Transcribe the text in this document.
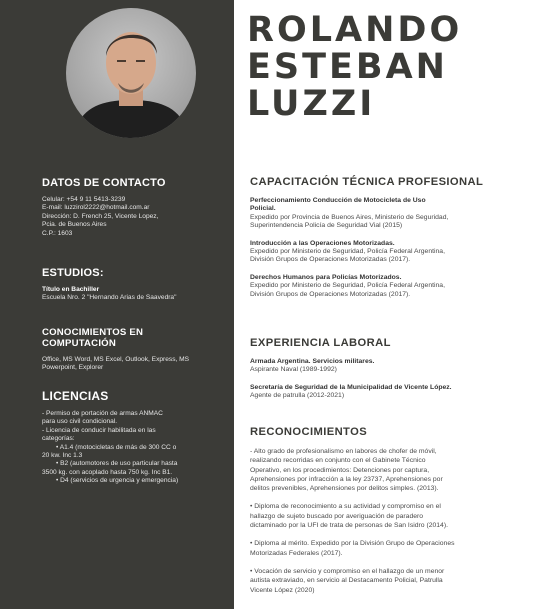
DATOS DE CONTACTO
Celular: +54 9 11 5413-3239
E-mail: luzzirol2222@hotmail.com.ar
Dirección: D. French 25, Vicente Lopez,
Pcia. de Buenos Aires
C.P.: 1603
ESTUDIOS:
Título en Bachiller
Escuela Nro. 2 "Hernando Arias de Saavedra"
CONOCIMIENTOS EN COMPUTACIÓN
Office, MS Word, MS Excel, Outlook, Express, MS
Powerpoint, Explorer
LICENCIAS
- Permiso de portación de armas ANMAC
para uso civil condicional.
- Licencia de conducir habilitada en las
categorías:
• A1.4 (motocicletas de más de 300 CC o
20 kw. Inc 1.3
• B2 (automotores de uso particular hasta
3500 kg. con acoplado hasta 750 kg. Inc B1.
• D4 (servicios de urgencia y emergencia)
ROLANDO
ESTEBAN
LUZZI
CAPACITACIÓN TÉCNICA PROFESIONAL
Perfeccionamiento Conducción de Motocicleta de Uso
Policial.
Expedido por Provincia de Buenos Aires, Ministerio de Seguridad,
Superintendencia Policía de Seguridad Vial (2015)
Introducción a las Operaciones Motorizadas.
Expedido por Ministerio de Seguridad, Policía Federal Argentina,
División Grupos de Operaciones Motorizadas (2017).
Derechos Humanos para Policías Motorizados.
Expedido por Ministerio de Seguridad, Policía Federal Argentina,
División Grupos de Operaciones Motorizadas (2017).
EXPERIENCIA LABORAL
Armada Argentina. Servicios militares.
Aspirante Naval (1989-1992)
Secretaría de Seguridad de la Municipalidad de Vicente López.
Agente de patrulla (2012-2021)
RECONOCIMIENTOS
- Alto grado de profesionalismo en labores de chofer de móvil,
realizando recorridas en conjunto con el Gabinete Técnico
Operativo, en los procedimientos: Detenciones por captura,
Aprehensiones por infracción a la ley 23737, Aprehensiones por
delitos prevenibles, Aprehensiones por delitos simples. (2013).
• Diploma de reconocimiento a su actividad y compromiso en el
hallazgo de sujeto buscado por averiguación de paradero
dictaminado por la UFI de trata de personas de San Isidro (2014).
• Diploma al mérito. Expedido por la División Grupo de Operaciones
Motorizadas Federales (2017).
• Vocación de servicio y compromiso en el hallazgo de un menor
autista extraviado, en servicio al Destacamento Policial, Patrulla
Vicente López (2020)
